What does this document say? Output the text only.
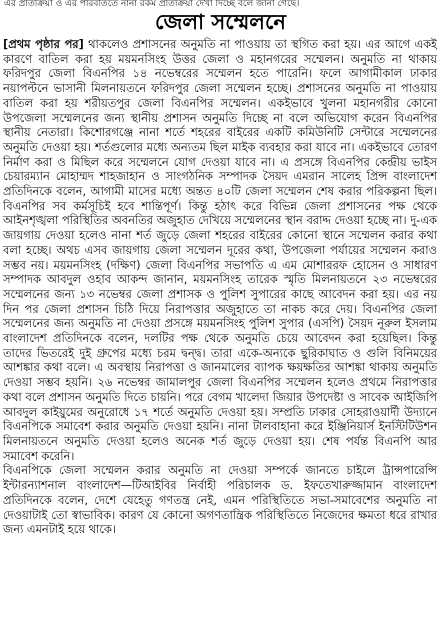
এর প্রতিক্রিয়া ও এর পরিবর্তিতে নানা রকম প্রতিক্রিয়া দেখা দিচ্ছে বলে জানা গেছে।
জেলা সম্মেলনে

[প্রথম পৃষ্ঠার পর] থাকলেও প্রশাসনের অনুমতি না পাওয়ায় তা স্থগিত করা হয়। এর আগে একই কারণে বাতিল করা হয় ময়মনসিংহ উত্তর জেলা ও মহানগরের সম্মেলন। অনুমতি না থাকায় ফরিদপুর জেলা বিএনপির ১৪ নভেম্বরের সম্মেলন হতে পারেনি। ফলে আগামীকাল ঢাকার নয়াপল্টনে ভাসানী মিলনায়তনে ফরিদপুর জেলা সম্মেলন হচ্ছে। প্রশাসনের অনুমতি না পাওয়ায় বাতিল করা হয় শরীয়তপুর জেলা বিএনপির সম্মেলন। একইভাবে খুলনা মহানগরীর কোনো উপজেলা সম্মেলনের জন্য স্থানীয় প্রশাসন অনুমতি দিচ্ছে না বলে অভিযোগ করেন বিএনপির স্থানীয় নেতারা। কিশোরগঞ্জে নানা শর্তে শহরের বাইরের একটি কমিউনিটি সেন্টারে সম্মেলনের অনুমতি দেওয়া হয়। শর্তগুলোর মধ্যে অন্যতম ছিল মাইক ব্যবহার করা যাবে না। একইভাবে তোরণ নির্মাণ করা ও মিছিল করে সম্মেলনে যোগ দেওয়া যাবে না। এ প্রসঙ্গে বিএনপির কেন্দ্রীয় ভাইস চেয়ারম্যান মোহাম্মদ শাহজাহান ও সাংগঠনিক সম্পাদক সৈয়দ এমরান সালেহ প্রিন্স বাংলাদেশ প্রতিদিনকে বলেন, আগামী মাসের মধ্যে অন্তত ৪০টি জেলা সম্মেলন শেষ করার পরিকল্পনা ছিল। বিএনপির সব কর্মসূচিই হবে শান্তিপূর্ণ। কিন্তু হঠাৎ করে বিভিন্ন জেলা প্রশাসনের পক্ষ থেকে আইনশৃঙ্খলা পরিস্থিতির অবনতির অজুহাত দেখিয়ে সম্মেলনের স্থান বরাদ্দ দেওয়া হচ্ছে না। দু-এক জায়গায় দেওয়া হলেও নানা শর্ত জুড়ে জেলা শহরের বাইরের কোনো স্থানে সম্মেলন করার কথা বলা হচ্ছে। অথচ এসব জায়গায় জেলা সম্মেলন দূরের কথা, উপজেলা পর্যায়ের সম্মেলন করাও সম্ভব নয়। ময়মনসিংহ (দক্ষিণ) জেলা বিএনপির সভাপতি এ এম মোশাররফ হোসেন ও সাধারণ সম্পাদক আবদুল ওহাব আকন্দ জানান, ময়মনসিংহ তারেক স্মৃতি মিলনায়তনে ২৩ নভেম্বরের সম্মেলনের জন্য ১৩ নভেম্বর জেলা প্রশাসক ও পুলিশ সুপারের কাছে আবেদন করা হয়। এর নয় দিন পর জেলা প্রশাসন চিঠি দিয়ে নিরাপত্তার অজুহাতে তা নাকচ করে দেয়। বিএনপির জেলা সম্মেলনের জন্য অনুমতি না দেওয়া প্রসঙ্গে ময়মনসিংহ পুলিশ সুপার (এসপি) সৈয়দ নূরুল ইসলাম বাংলাদেশ প্রতিদিনকে বলেন, দলটির পক্ষ থেকে অনুমতি চেয়ে আবেদন করা হয়েছিল। কিন্তু তাদের ভিতরেই দুই গ্রুপের মধ্যে চরম দ্বন্দ্ব। তারা একে-অন্যকে ছুরিকাঘাত ও গুলি বিনিময়ের আশঙ্কার কথা বলে। এ অবস্থায় নিরাপত্তা ও জানমালের ব্যাপক ক্ষয়ক্ষতির আশঙ্কা থাকায় অনুমতি দেওয়া সম্ভব হয়নি। ২৬ নভেম্বর জামালপুর জেলা বিএনপির সম্মেলন হলেও প্রথমে নিরাপত্তার কথা বলে প্রশাসন অনুমতি দিতে চায়নি। পরে বেগম খালেদা জিয়ার উপদেষ্টা ও সাবেক আইজিপি আবদুল কাইয়ুমের অনুরোধে ১৭ শর্তে অনুমতি দেওয়া হয়। সম্প্রতি ঢাকার সোহরাওয়ার্দী উদ্যানে বিএনপিকে সমাবেশ করার অনুমতি দেওয়া হয়নি। নানা টালবাহানা করে ইঞ্জিনিয়ার্স ইনস্টিটিউশন মিলনায়তনে অনুমতি দেওয়া হলেও অনেক শর্ত জুড়ে দেওয়া হয়। শেষ পর্যন্ত বিএনপি আর সমাবেশ করেনি।

বিএনপিকে জেলা সম্মেলন করার অনুমতি না দেওয়া সম্পর্কে জানতে চাইলে ট্রান্সপারেন্সি ইন্টারন্যাশনাল বাংলাদেশ—টিআইবির নির্বাহী পরিচালক ড. ইফতেখারুজ্জামান বাংলাদেশ প্রতিদিনকে বলেন, দেশে যেহেতু গণতন্ত্র নেই, এমন পরিস্থিতিতে সভা-সমাবেশের অনুমতি না দেওয়াটাই তো স্বাভাবিক। কারণ যে কোনো অগণতান্ত্রিক পরিস্থিতিতে নিজেদের ক্ষমতা ধরে রাখার জন্য এমনটাই হয়ে থাকে।
